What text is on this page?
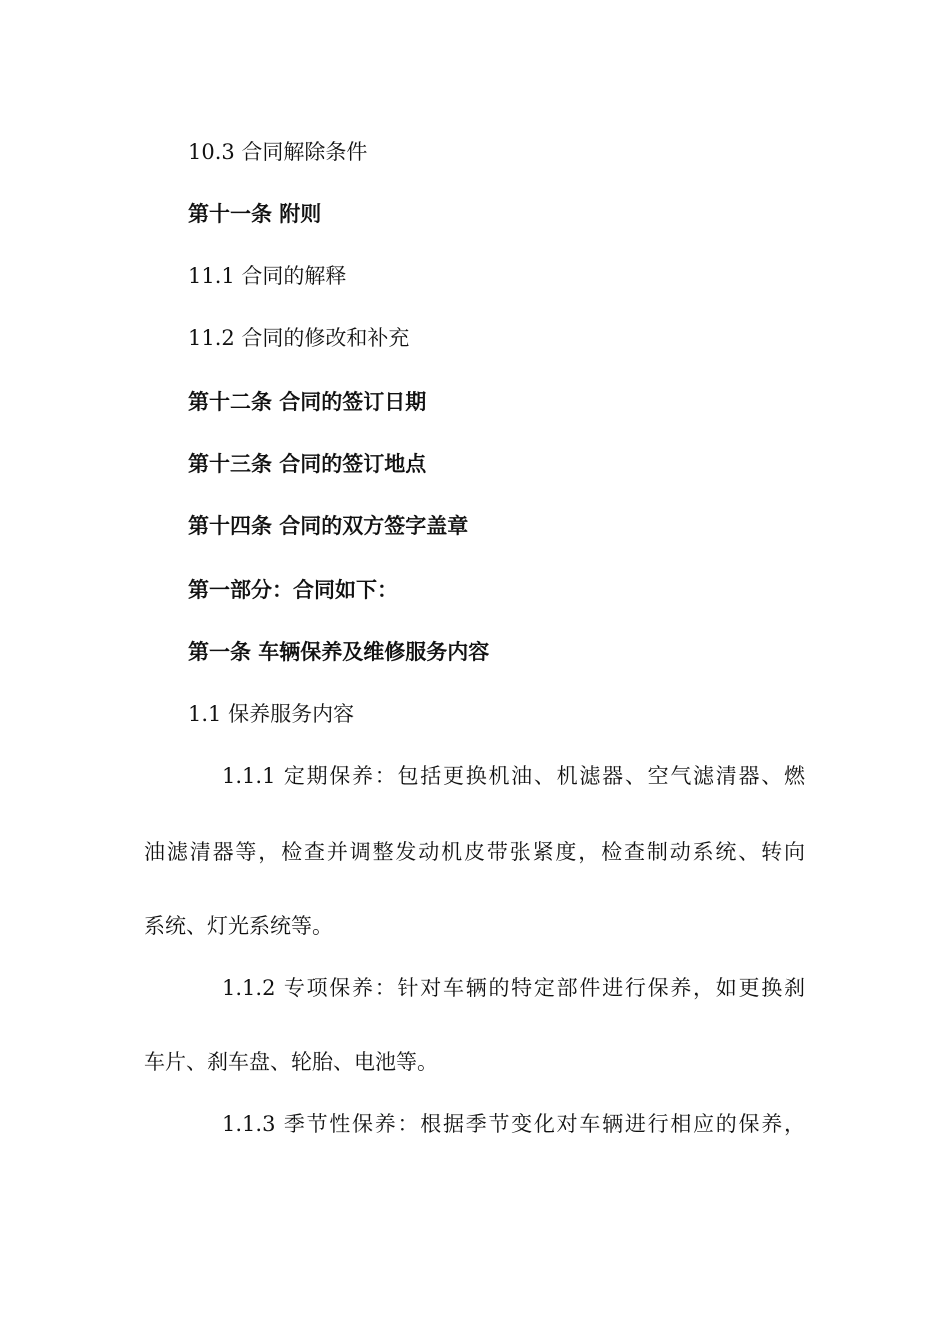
10.3 合同解除条件
第十一条 附则
11.1 合同的解释
11.2 合同的修改和补充
第十二条 合同的签订日期
第十三条 合同的签订地点
第十四条 合同的双方签字盖章
第一部分：合同如下：
第一条 车辆保养及维修服务内容
1.1 保养服务内容
1.1.1 定期保养：包括更换机油、机滤器、空气滤清器、燃
油滤清器等，检查并调整发动机皮带张紧度，检查制动系统、转向
系统、灯光系统等。
1.1.2 专项保养：针对车辆的特定部件进行保养，如更换刹
车片、刹车盘、轮胎、电池等。
1.1.3 季节性保养：根据季节变化对车辆进行相应的保养，
